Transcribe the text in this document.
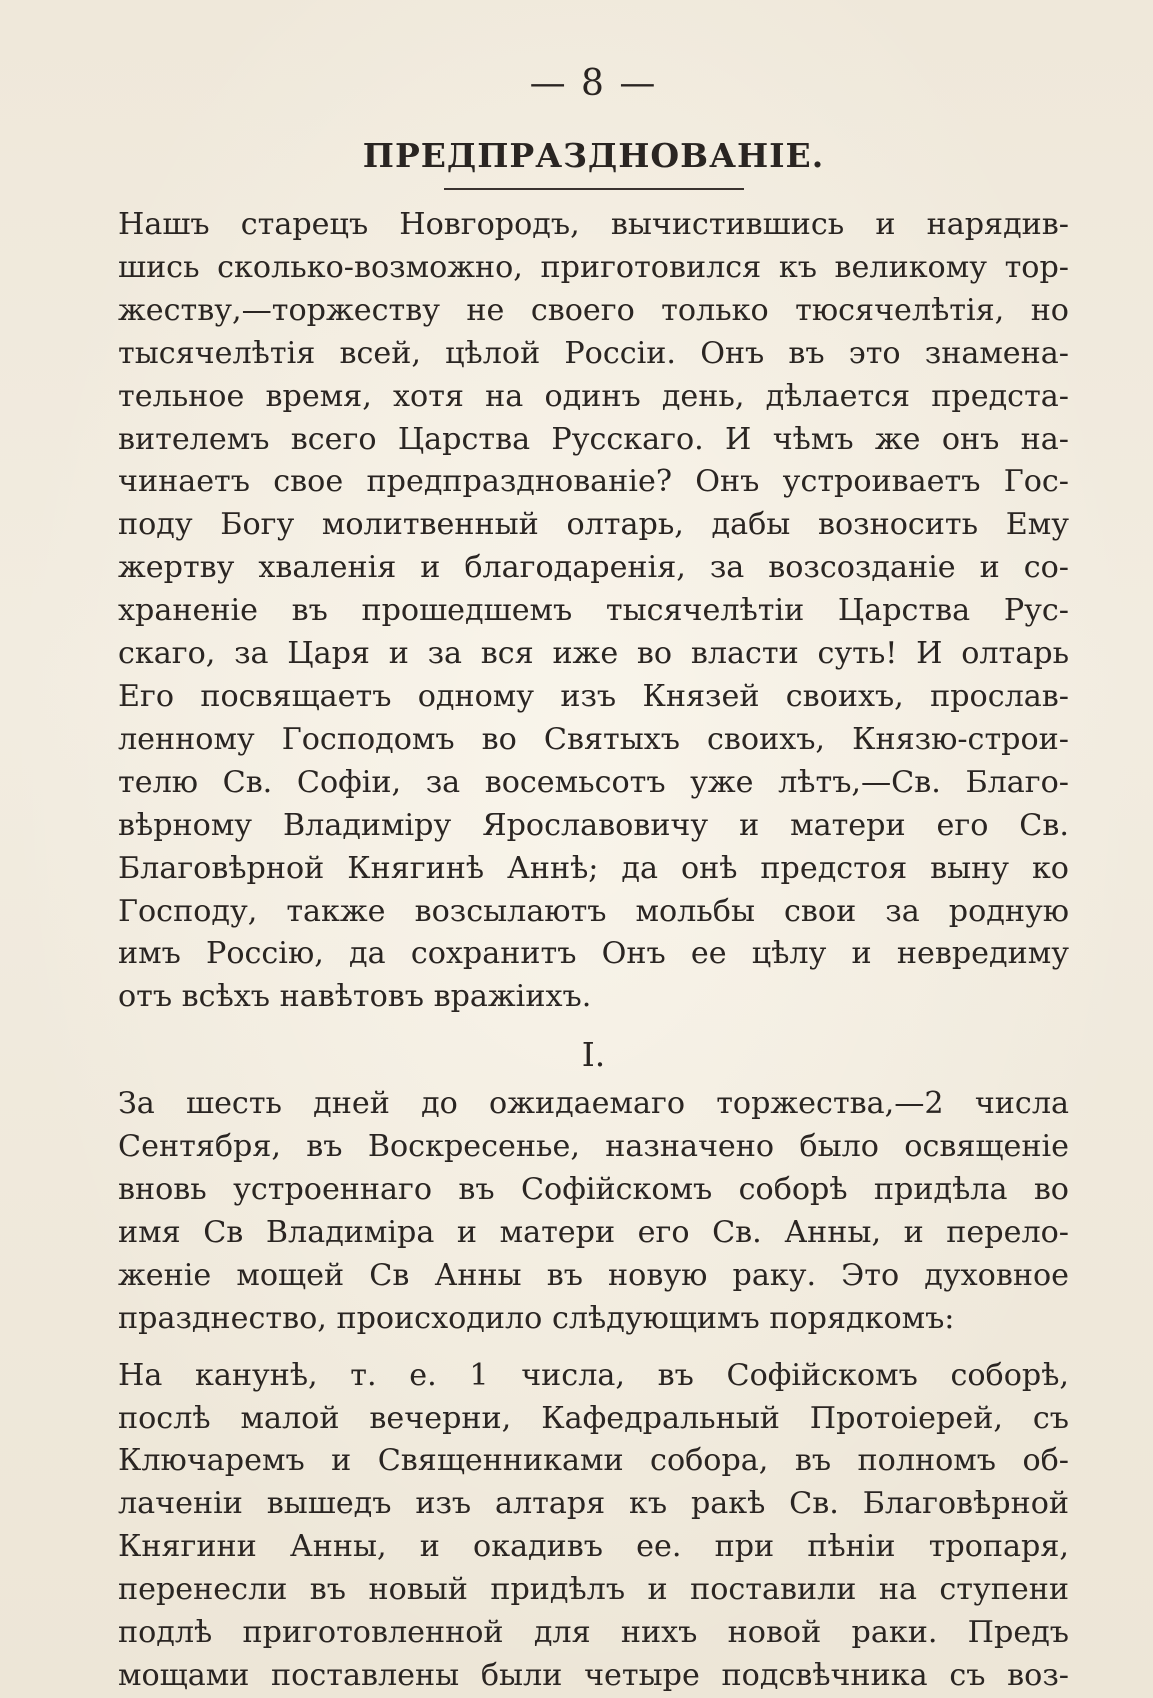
— 8 —
ПРЕДПРАЗДНОВАНІЕ.

Нашъ старецъ Новгородъ, вычистившись и нарядив-
шись сколько-возможно, приготовился къ великому тор-
жеству,—торжеству не своего только тюсячелѣтія, но
тысячелѣтія всей, цѣлой Россіи. Онъ въ это знамена-
тельное время, хотя на одинъ день, дѣлается предста-
вителемъ всего Царства Русскаго. И чѣмъ же онъ на-
чинаетъ свое предпразднованіе? Онъ устроиваетъ Гос-
поду Богу молитвенный олтарь, дабы возносить Ему
жертву хваленія и благодаренія, за возсозданіе и со-
храненіе въ прошедшемъ тысячелѣтіи Царства Рус-
скаго, за Царя и за вся иже во власти суть! И олтарь
Его посвящаетъ одному изъ Князей своихъ, прослав-
ленному Господомъ во Святыхъ своихъ, Князю-строи-
телю Св. Софіи, за восемьсотъ уже лѣтъ,—Св. Благо-
вѣрному Владиміру Ярославовичу и матери его Св.
Благовѣрной Княгинѣ Аннѣ; да онѣ предстоя выну ко
Господу, также возсылаютъ мольбы свои за родную
имъ Россію, да сохранитъ Онъ ее цѣлу и невредиму
отъ всѣхъ навѣтовъ вражіихъ.

I.

За шесть дней до ожидаемаго торжества,—2 числа
Сентября, въ Воскресенье, назначено было освященіе
вновь устроеннаго въ Софійскомъ соборѣ придѣла во
имя Св Владиміра и матери его Св. Анны, и перело-
женіе мощей Св Анны въ новую раку. Это духовное
празднество, происходило слѣдующимъ порядкомъ:

На канунѣ, т. е. 1 числа, въ Софійскомъ соборѣ,
послѣ малой вечерни, Кафедральный Протоіерей, съ
Ключаремъ и Священниками собора, въ полномъ об-
лаченіи вышедъ изъ алтаря къ ракѣ Св. Благовѣрной
Княгини Анны, и окадивъ ее. при пѣніи тропаря,
перенесли въ новый придѣлъ и поставили на ступени
подлѣ приготовленной для нихъ новой раки. Предъ
мощами поставлены были четыре подсвѣчника съ воз-
